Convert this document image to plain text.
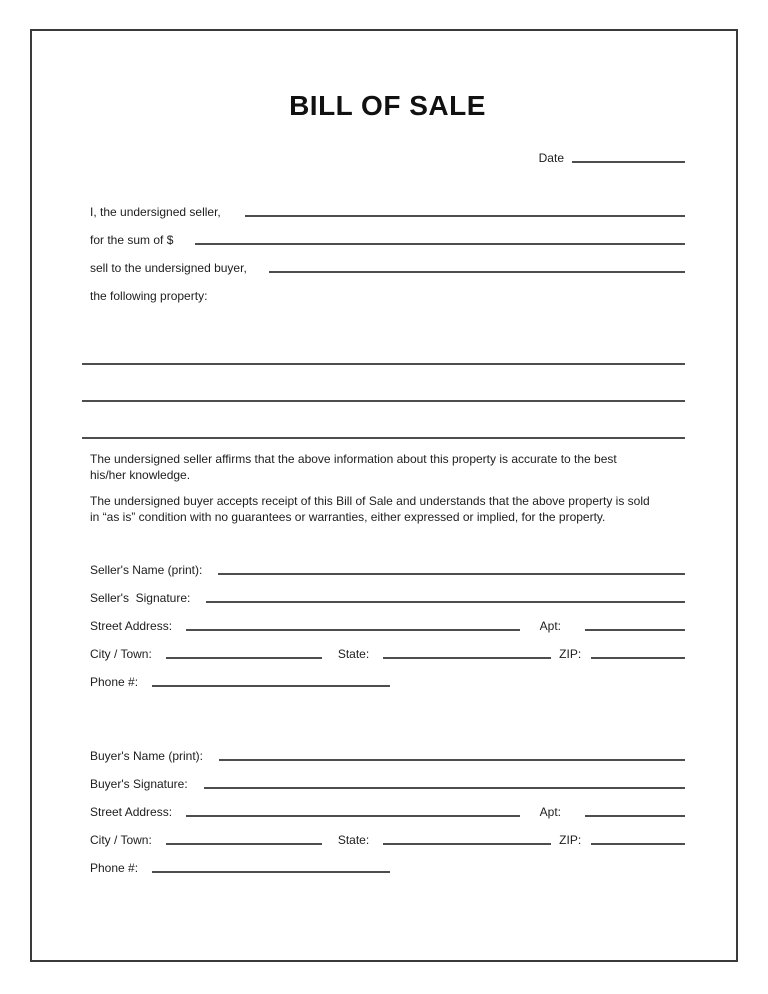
BILL OF SALE
Date
I, the undersigned seller,
for the sum of $
sell to the undersigned buyer,
the following property:

The undersigned seller affirms that the above information about this property is accurate to the best
his/her knowledge.

The undersigned buyer accepts receipt of this Bill of Sale and understands that the above property is sold
in “as is” condition with no guarantees or warranties, either expressed or implied, for the property.

Seller's Name (print):
Seller's  Signature:
Street Address:	Apt:
City / Town:	State:	ZIP:
Phone #:
Buyer's Name (print):
Buyer's Signature:
Street Address:	Apt:
City / Town:	State:	ZIP:
Phone #:
